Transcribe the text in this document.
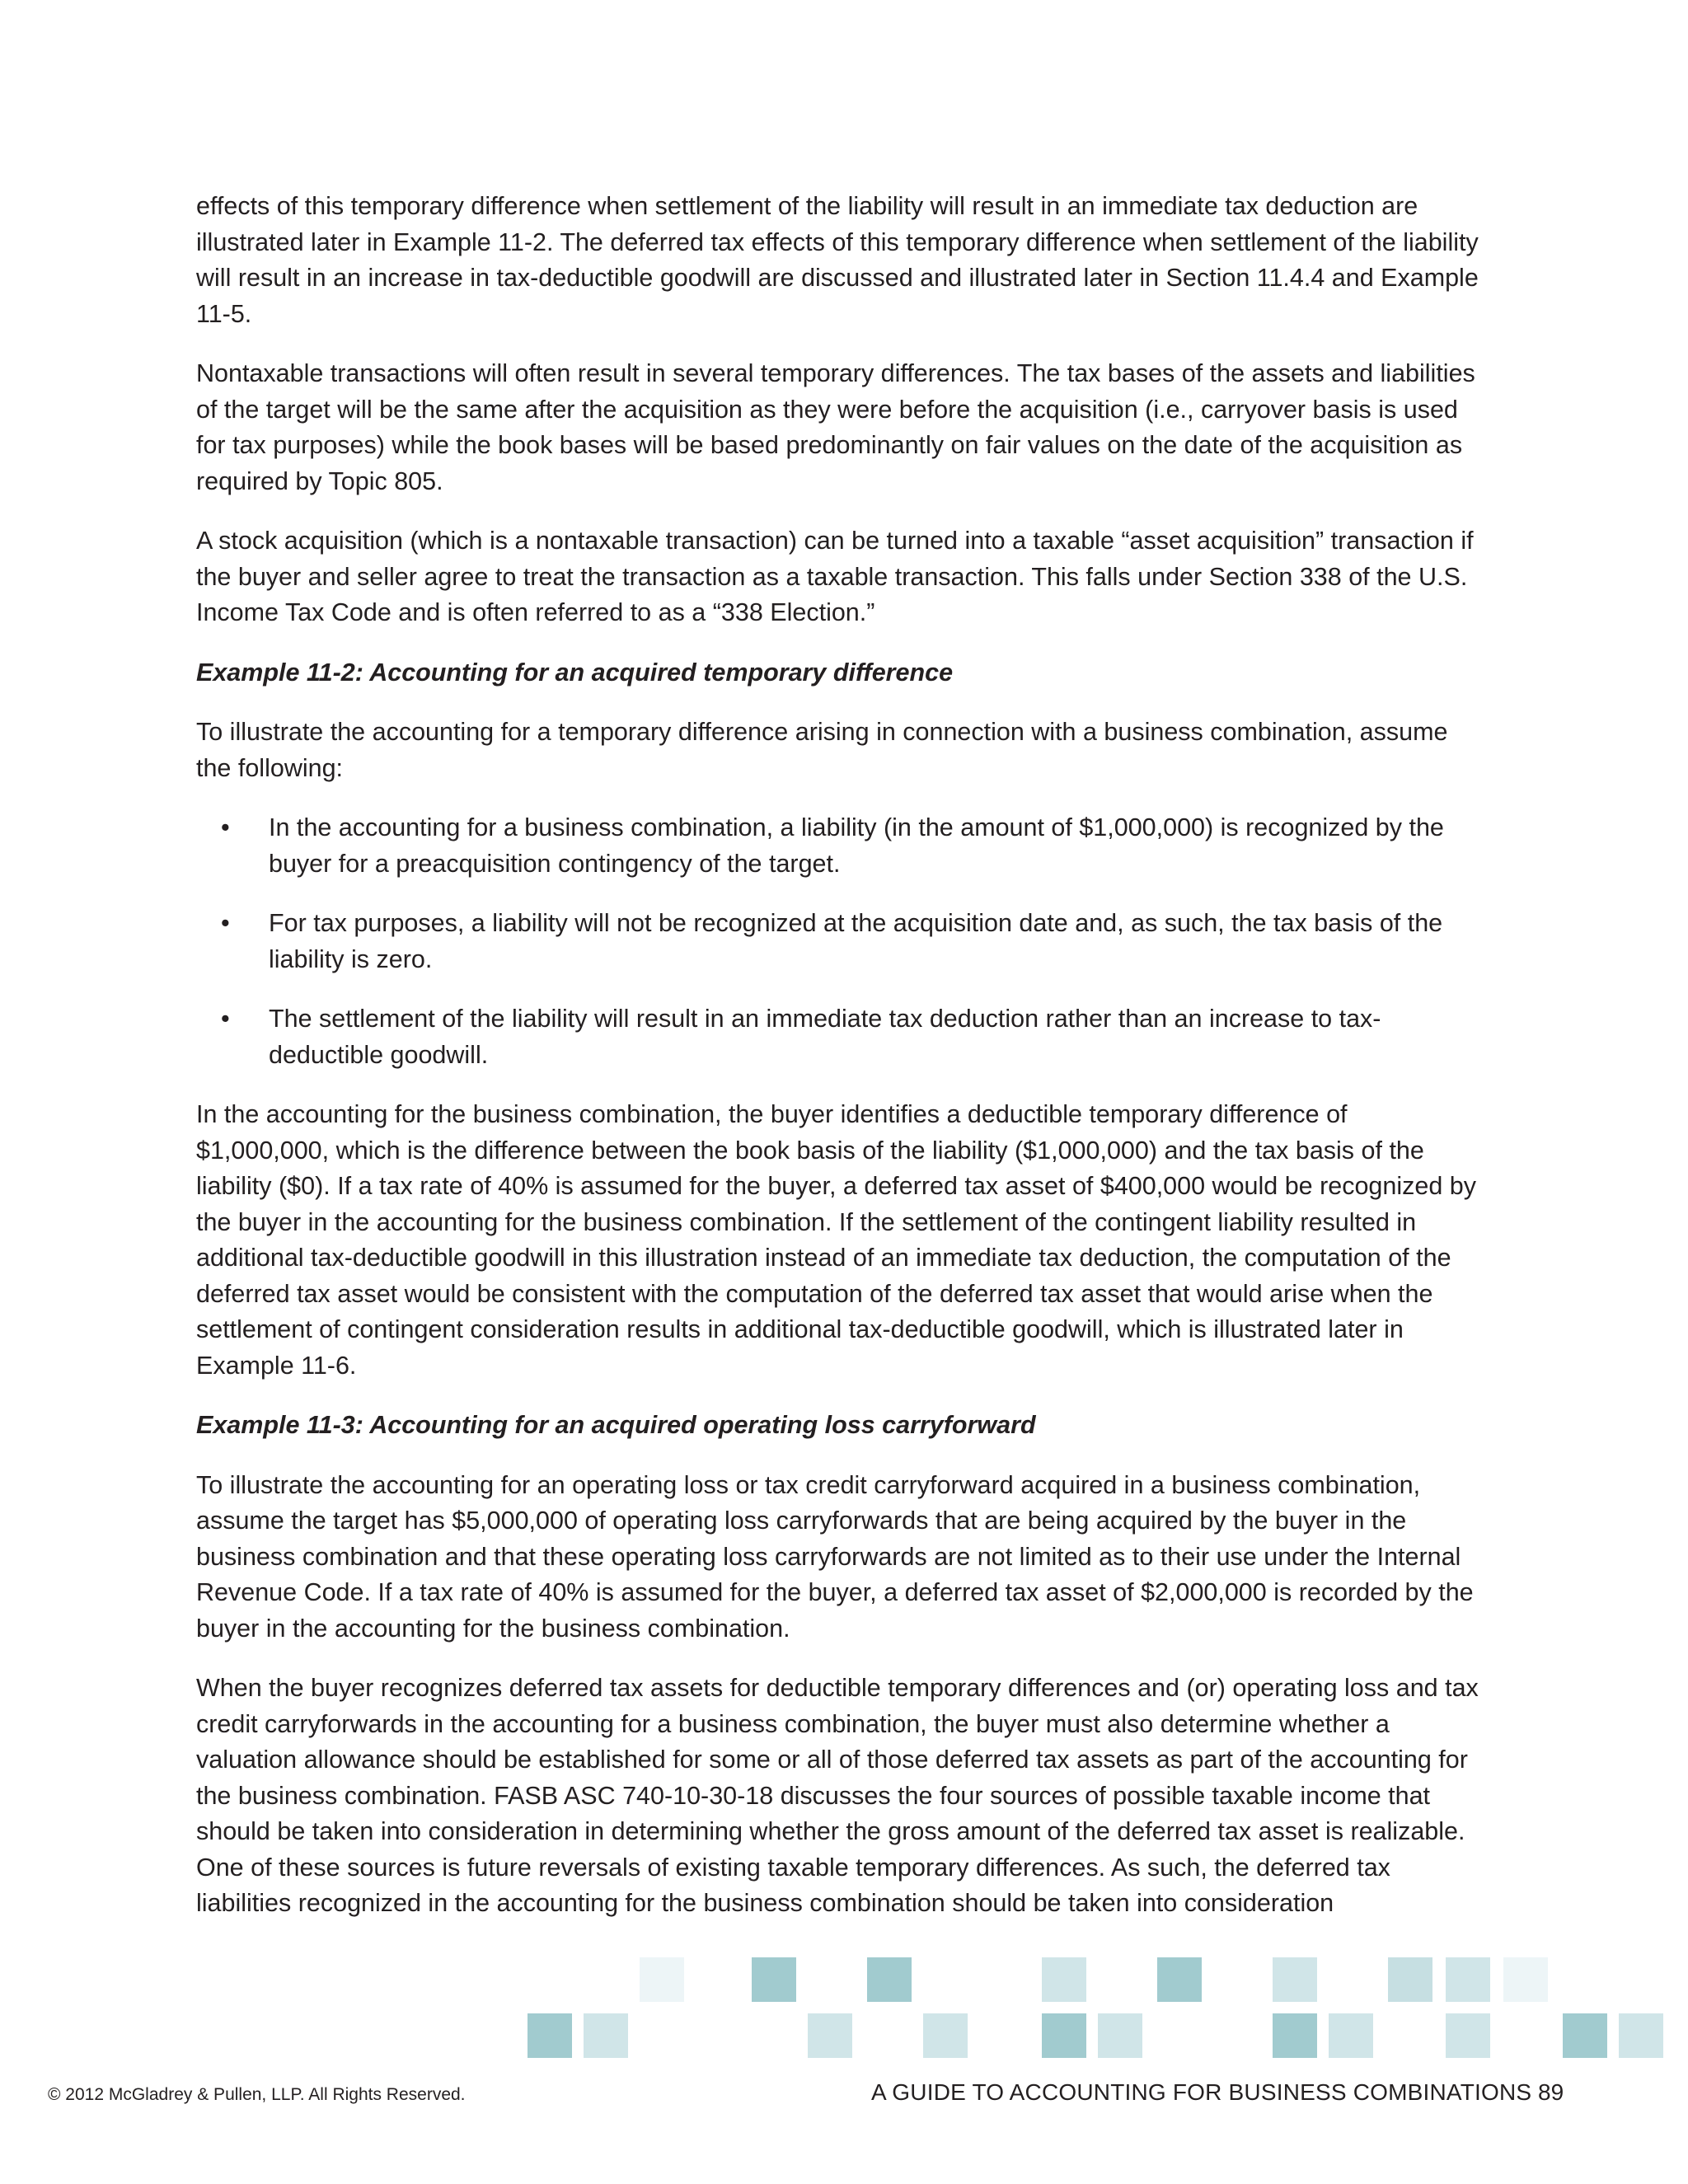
effects of this temporary difference when settlement of the liability will result in an immediate tax deduction are illustrated later in Example 11-2. The deferred tax effects of this temporary difference when settlement of the liability will result in an increase in tax-deductible goodwill are discussed and illustrated later in Section 11.4.4 and Example 11-5.

Nontaxable transactions will often result in several temporary differences. The tax bases of the assets and liabilities of the target will be the same after the acquisition as they were before the acquisition (i.e., carryover basis is used for tax purposes) while the book bases will be based predominantly on fair values on the date of the acquisition as required by Topic 805.

A stock acquisition (which is a nontaxable transaction) can be turned into a taxable “asset acquisition” transaction if the buyer and seller agree to treat the transaction as a taxable transaction. This falls under Section 338 of the U.S. Income Tax Code and is often referred to as a “338 Election.”

Example 11-2: Accounting for an acquired temporary difference

To illustrate the accounting for a temporary difference arising in connection with a business combination, assume the following:

• In the accounting for a business combination, a liability (in the amount of $1,000,000) is recognized by the buyer for a preacquisition contingency of the target.
• For tax purposes, a liability will not be recognized at the acquisition date and, as such, the tax basis of the liability is zero.
• The settlement of the liability will result in an immediate tax deduction rather than an increase to tax-deductible goodwill.

In the accounting for the business combination, the buyer identifies a deductible temporary difference of $1,000,000, which is the difference between the book basis of the liability ($1,000,000) and the tax basis of the liability ($0). If a tax rate of 40% is assumed for the buyer, a deferred tax asset of $400,000 would be recognized by the buyer in the accounting for the business combination. If the settlement of the contingent liability resulted in additional tax-deductible goodwill in this illustration instead of an immediate tax deduction, the computation of the deferred tax asset would be consistent with the computation of the deferred tax asset that would arise when the settlement of contingent consideration results in additional tax-deductible goodwill, which is illustrated later in Example 11-6.

Example 11-3: Accounting for an acquired operating loss carryforward

To illustrate the accounting for an operating loss or tax credit carryforward acquired in a business combination, assume the target has $5,000,000 of operating loss carryforwards that are being acquired by the buyer in the business combination and that these operating loss carryforwards are not limited as to their use under the Internal Revenue Code. If a tax rate of 40% is assumed for the buyer, a deferred tax asset of $2,000,000 is recorded by the buyer in the accounting for the business combination.

When the buyer recognizes deferred tax assets for deductible temporary differences and (or) operating loss and tax credit carryforwards in the accounting for a business combination, the buyer must also determine whether a valuation allowance should be established for some or all of those deferred tax assets as part of the accounting for the business combination. FASB ASC 740-10-30-18 discusses the four sources of possible taxable income that should be taken into consideration in determining whether the gross amount of the deferred tax asset is realizable. One of these sources is future reversals of existing taxable temporary differences. As such, the deferred tax liabilities recognized in the accounting for the business combination should be taken into consideration

© 2012 McGladrey & Pullen, LLP. All Rights Reserved.	A GUIDE TO ACCOUNTING FOR BUSINESS COMBINATIONS 89
